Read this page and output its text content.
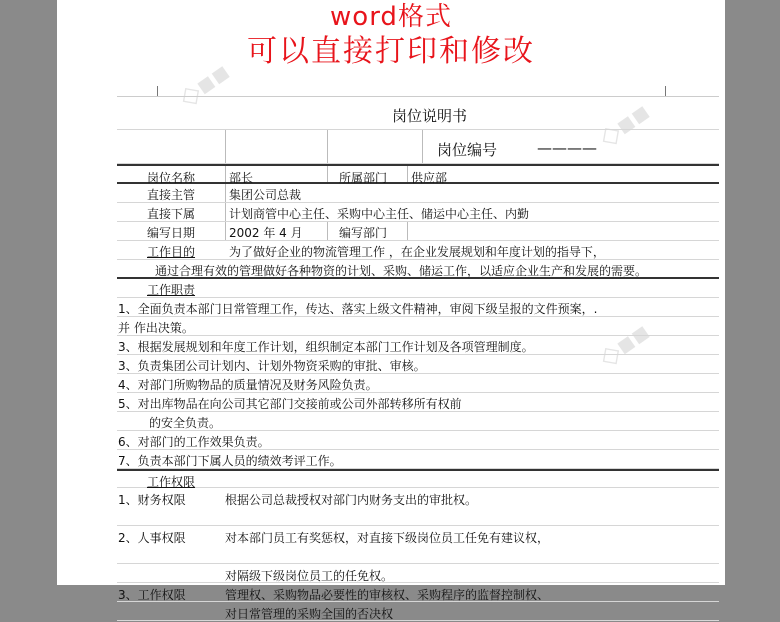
word格式
可以直接打印和修改
◇▪▪
◇▪▪
◇▪▪
岗位说明书
岗位编号	————
岗位名称	部长	所属部门 供应部
直接主管	集团公司总裁
直接下属	计划商管中心主任、采购中心主任、储运中心主任、内勤
编写日期	2002 年 4 月	编写部门
工作目的	为了做好企业的物流管理工作 ，在企业发展规划和年度计划的指导下，
通过合理有效的管理做好各种物资的计划、采购、储运工作，以适应企业生产和发展的需要。
工作职责
1、全面负责本部门日常管理工作，传达、落实上级文件精神，审阅下级呈报的文件预案，.
并 作出决策。
3、根据发展规划和年度工作计划，组织制定本部门工作计划及各项管理制度。
3、负责集团公司计划内、计划外物资采购的审批、审核。
4、对部门所购物品的质量情况及财务风险负责。
5、对出库物品在向公司其它部门交接前或公司外部转移所有权前
的安全负责。
6、对部门的工作效果负责。
7、负责本部门下属人员的绩效考评工作。
工作权限
1、财务权限	根据公司总裁授权对部门内财务支出的审批权。
2、人事权限	对本部门员工有奖惩权，对直接下级岗位员工任免有建议权，
对隔级下级岗位员工的任免权。
3、工作权限	管理权、采购物品必要性的审核权、采购程序的监督控制权、
对日常管理的采购全国的否决权
